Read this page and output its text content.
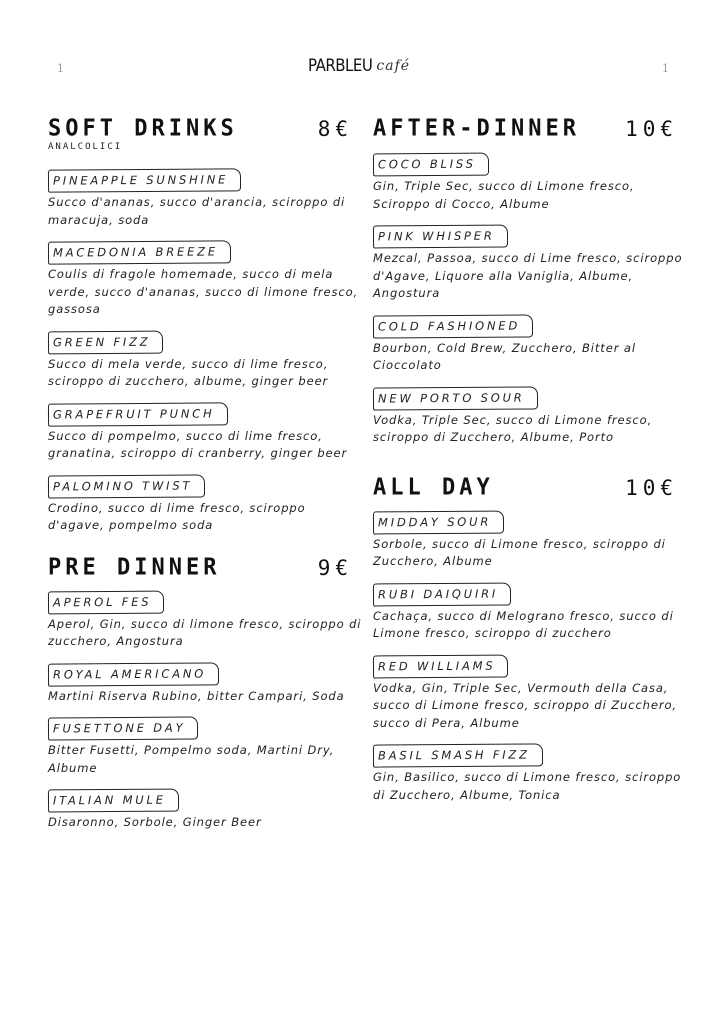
1	1
PARBLEU café
SOFT DRINKS	8€
ANALCOLICI
PINEAPPLE SUNSHINE
Succo d'ananas, succo d'arancia, sciroppo di maracuja, soda
MACEDONIA BREEZE
Coulis di fragole homemade, succo di mela verde, succo d'ananas, succo di limone fresco, gassosa
GREEN FIZZ
Succo di mela verde, succo di lime fresco, sciroppo di zucchero, albume, ginger beer
GRAPEFRUIT PUNCH
Succo di pompelmo, succo di lime fresco, granatina, sciroppo di cranberry, ginger beer
PALOMINO TWIST
Crodino, succo di lime fresco, sciroppo d'agave, pompelmo soda
PRE DINNER	9€
APEROL FES
Aperol, Gin, succo di limone fresco, sciroppo di zucchero, Angostura
ROYAL AMERICANO
Martini Riserva Rubino, bitter Campari, Soda
FUSETTONE DAY
Bitter Fusetti, Pompelmo soda, Martini Dry, Albume
ITALIAN MULE
Disaronno, Sorbole, Ginger Beer
AFTER-DINNER 10€
COCO BLISS
Gin, Triple Sec, succo di Limone fresco, Sciroppo di Cocco, Albume
PINK WHISPER
Mezcal, Passoa, succo di Lime fresco, sciroppo d'Agave, Liquore alla Vaniglia, Albume, Angostura
COLD FASHIONED
Bourbon, Cold Brew, Zucchero, Bitter al Cioccolato
NEW PORTO SOUR
Vodka, Triple Sec, succo di Limone fresco, sciroppo di Zucchero, Albume, Porto
ALL DAY	10€
MIDDAY SOUR
Sorbole, succo di Limone fresco, sciroppo di Zucchero, Albume
RUBI DAIQUIRI
Cachaça, succo di Melograno fresco, succo di Limone fresco, sciroppo di zucchero
RED WILLIAMS
Vodka, Gin, Triple Sec, Vermouth della Casa, succo di Limone fresco, sciroppo di Zucchero, succo di Pera, Albume
BASIL SMASH FIZZ
Gin, Basilico, succo di Limone fresco, sciroppo di Zucchero, Albume, Tonica
